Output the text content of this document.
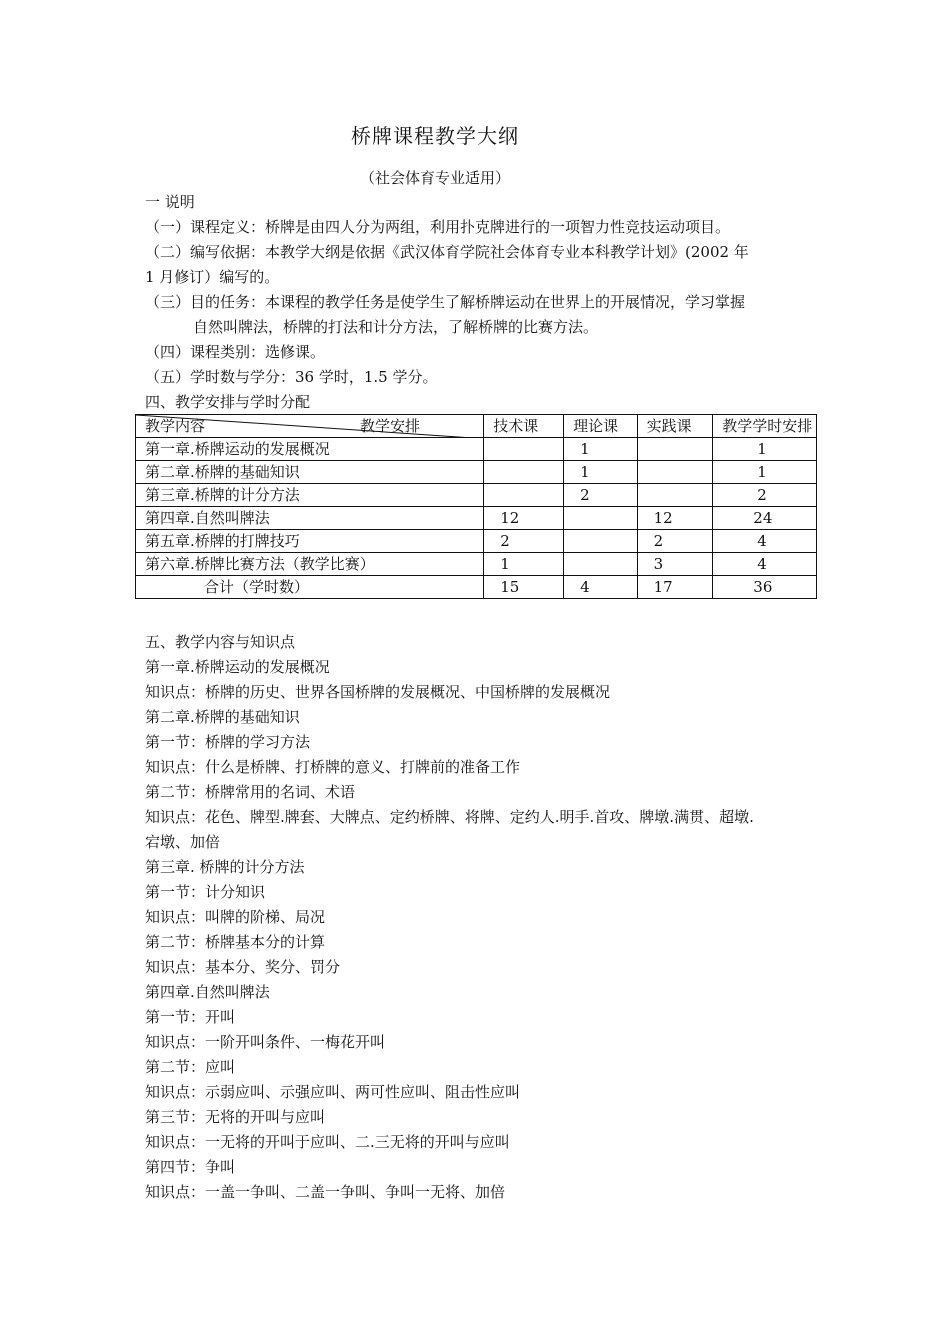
桥牌课程教学大纲
（社会体育专业适用）
一 说明
（一）课程定义：桥牌是由四人分为两组，利用扑克牌进行的一项智力性竞技运动项目。
（二）编写依据：本教学大纲是依据《武汉体育学院社会体育专业本科教学计划》(2002 年
1 月修订）编写的。
（三）目的任务：本课程的教学任务是使学生了解桥牌运动在世界上的开展情况，学习掌握
自然叫牌法，桥牌的打法和计分方法，了解桥牌的比赛方法。
（四）课程类别：选修课。
（五）学时数与学分：36 学时，1.5 学分。
四、教学安排与学时分配
教学内容 教学安排	技术课	理论课	实践课	教学学时安排
第一章.桥牌运动的发展概况		1		1
第二章.桥牌的基础知识		1		1
第三章.桥牌的计分方法		2		2
第四章.自然叫牌法	12		12	24
第五章.桥牌的打牌技巧	2		2	4
第六章.桥牌比赛方法（教学比赛）	1		3	4
合计（学时数）	15	4	17	36
五、教学内容与知识点
第一章.桥牌运动的发展概况
知识点：桥牌的历史、世界各国桥牌的发展概况、中国桥牌的发展概况
第二章.桥牌的基础知识
第一节：桥牌的学习方法
知识点：什么是桥牌、打桥牌的意义、打牌前的准备工作
第二节：桥牌常用的名词、术语
知识点：花色、牌型.牌套、大牌点、定约桥牌、将牌、定约人.明手.首攻、牌墩.满贯、超墩.
宕墩、加倍
第三章. 桥牌的计分方法
第一节：计分知识
知识点：叫牌的阶梯、局况
第二节：桥牌基本分的计算
知识点：基本分、奖分、罚分
第四章.自然叫牌法
第一节：开叫
知识点：一阶开叫条件、一梅花开叫
第二节：应叫
知识点：示弱应叫、示强应叫、两可性应叫、阻击性应叫
第三节：无将的开叫与应叫
知识点：一无将的开叫于应叫、二.三无将的开叫与应叫
第四节：争叫
知识点：一盖一争叫、二盖一争叫、争叫一无将、加倍
